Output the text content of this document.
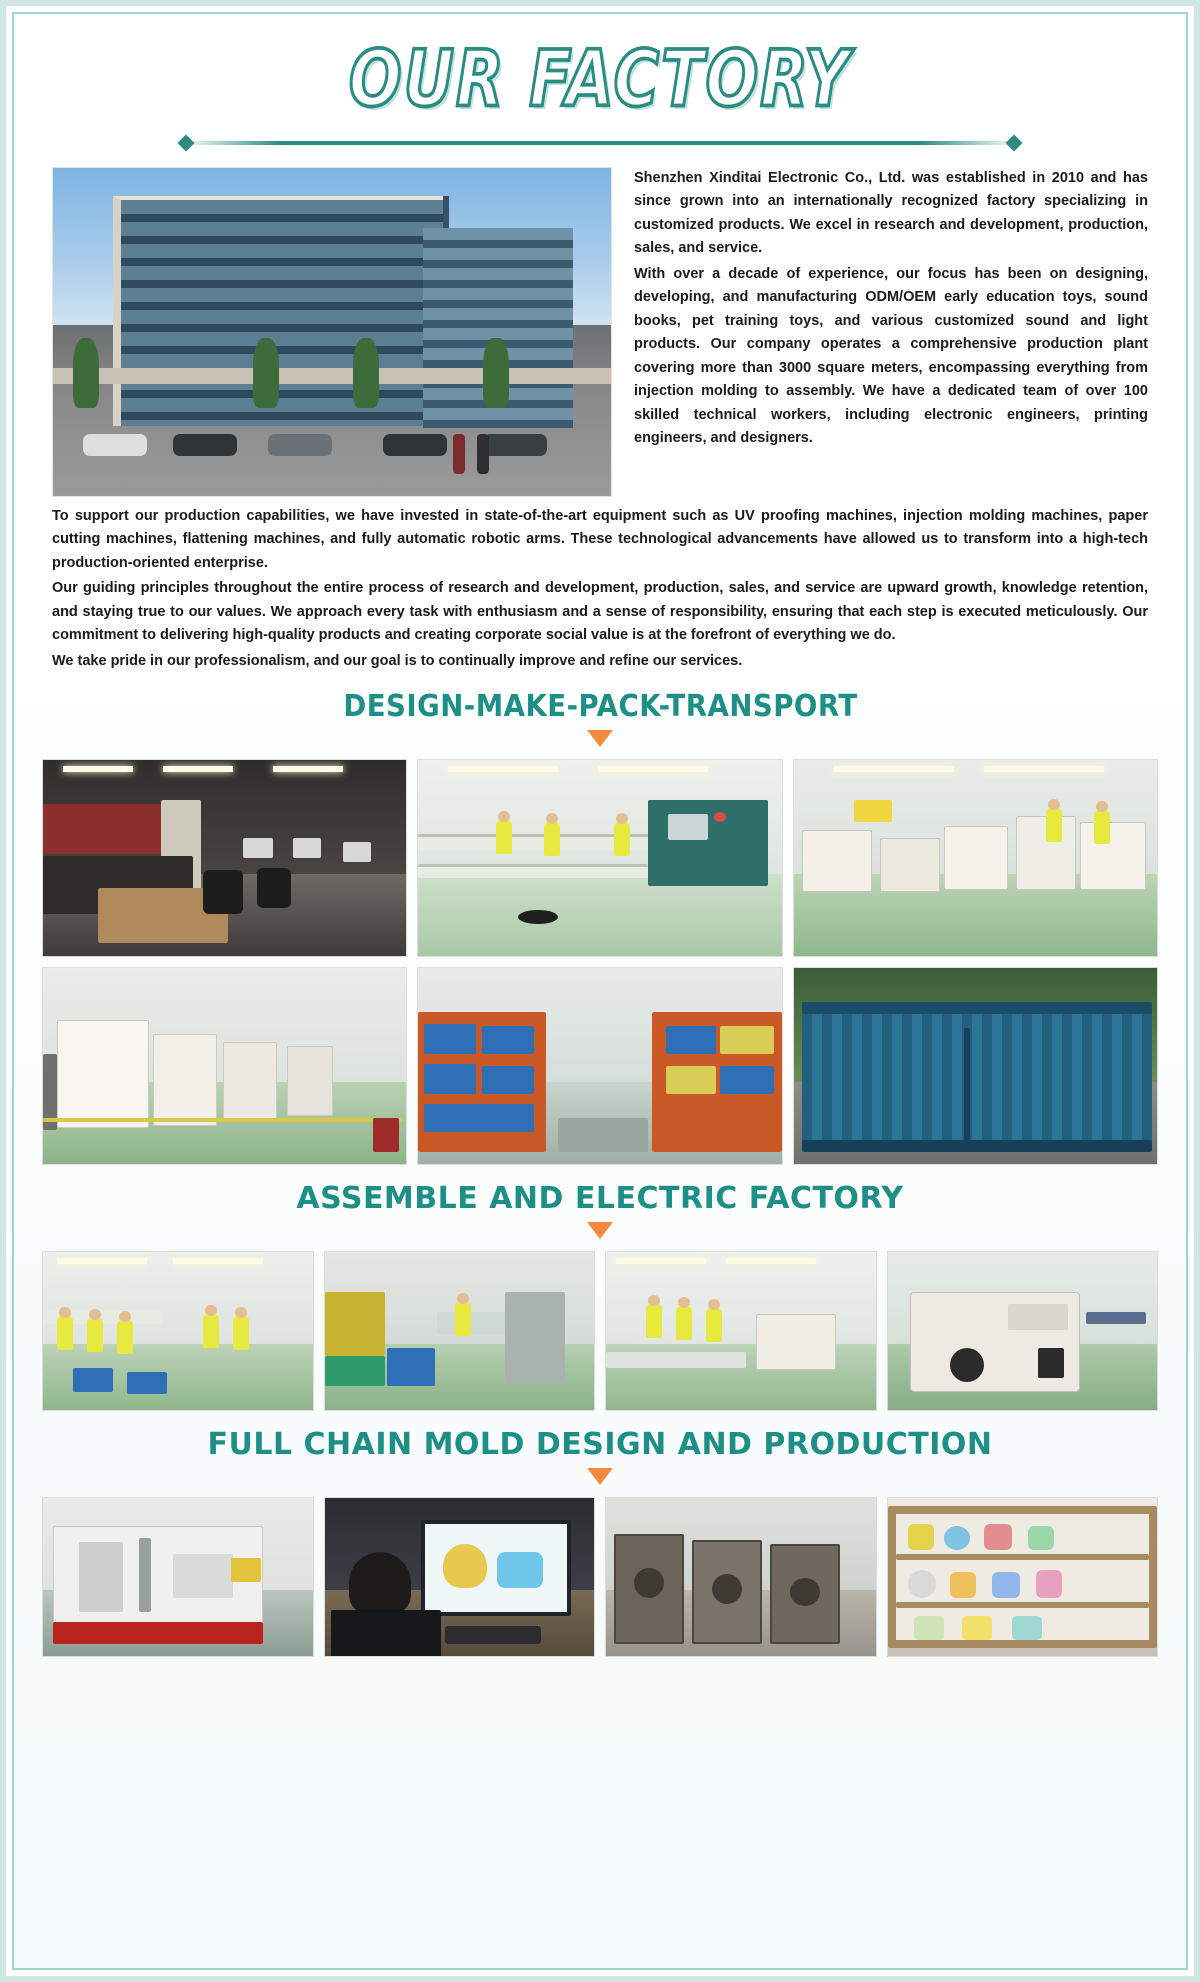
OUR FACTORY

Shenzhen Xinditai Electronic Co., Ltd. was established in 2010 and has since grown into an internationally recognized factory specializing in customized products. We excel in research and development, production, sales, and service.

With over a decade of experience, our focus has been on designing, developing, and manufacturing ODM/OEM early education toys, sound books, pet training toys, and various customized sound and light products. Our company operates a comprehensive production plant covering more than 3000 square meters, encompassing everything from injection molding to assembly. We have a dedicated team of over 100 skilled technical workers, including electronic engineers, printing engineers, and designers.

To support our production capabilities, we have invested in state-of-the-art equipment such as UV proofing machines, injection molding machines, paper cutting machines, flattening machines, and fully automatic robotic arms. These technological advancements have allowed us to transform into a high-tech production-oriented enterprise.

Our guiding principles throughout the entire process of research and development, production, sales, and service are upward growth, knowledge retention, and staying true to our values. We approach every task with enthusiasm and a sense of responsibility, ensuring that each step is executed meticulously. Our commitment to delivering high-quality products and creating corporate social value is at the forefront of everything we do.

We take pride in our professionalism, and our goal is to continually improve and refine our services.

DESIGN-MAKE-PACK-TRANSPORT
ASSEMBLE AND ELECTRIC FACTORY
FULL CHAIN MOLD DESIGN AND PRODUCTION
